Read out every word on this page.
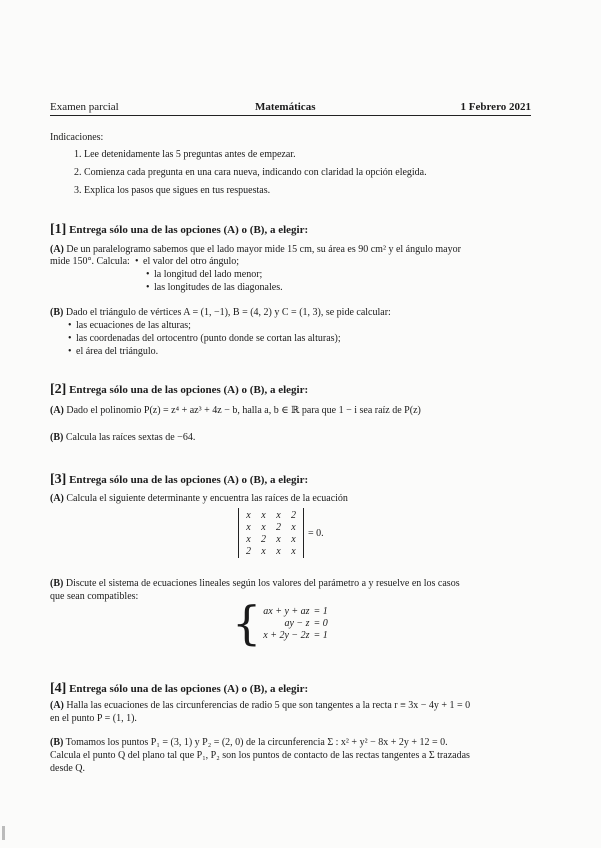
Examen parcial	Matemáticas	1 Febrero 2021
Indicaciones:
1. Lee detenidamente las 5 preguntas antes de empezar.
2. Comienza cada pregunta en una cara nueva, indicando con claridad la opción elegida.
3. Explica los pasos que sigues en tus respuestas.
[1] Entrega sólo una de las opciones (A) o (B), a elegir:
(A) De un paralelogramo sabemos que el lado mayor mide 15 cm, su área es 90 cm² y el ángulo mayor
mide 150°. Calcula:	• el valor del otro ángulo;
• la longitud del lado menor;
• las longitudes de las diagonales.
(B) Dado el triángulo de vértices A = (1, −1), B = (4, 2) y C = (1, 3), se pide calcular:
• las ecuaciones de las alturas;
• las coordenadas del ortocentro (punto donde se cortan las alturas);
• el área del triángulo.
[2] Entrega sólo una de las opciones (A) o (B), a elegir:
(A) Dado el polinomio P(z) = z⁴ + az³ + 4z − b, halla a, b ∈ ℝ para que 1 − i sea raíz de P(z)
(B) Calcula las raíces sextas de −64.
[3] Entrega sólo una de las opciones (A) o (B), a elegir:
(A) Calcula el siguiente determinante y encuentra las raíces de la ecuación
x	x	x	2
x	x	2	x
x	2	x	x
2	x	x	x
= 0.
(B) Discute el sistema de ecuaciones lineales según los valores del parámetro a y resuelve en los casos
que sean compatibles: { ax + y + az	= 1
ay − z	= 0
x + 2y − 2z	= 1
[4] Entrega sólo una de las opciones (A) o (B), a elegir:
(A) Halla las ecuaciones de las circunferencias de radio 5 que son tangentes a la recta r ≡ 3x − 4y + 1 = 0
en el punto P = (1, 1).
(B) Tomamos los puntos P₁ = (3, 1) y P₂ = (2, 0) de la circunferencia Σ : x² + y² − 8x + 2y + 12 = 0.
Calcula el punto Q del plano tal que P₁, P₂ son los puntos de contacto de las rectas tangentes a Σ trazadas
desde Q.
